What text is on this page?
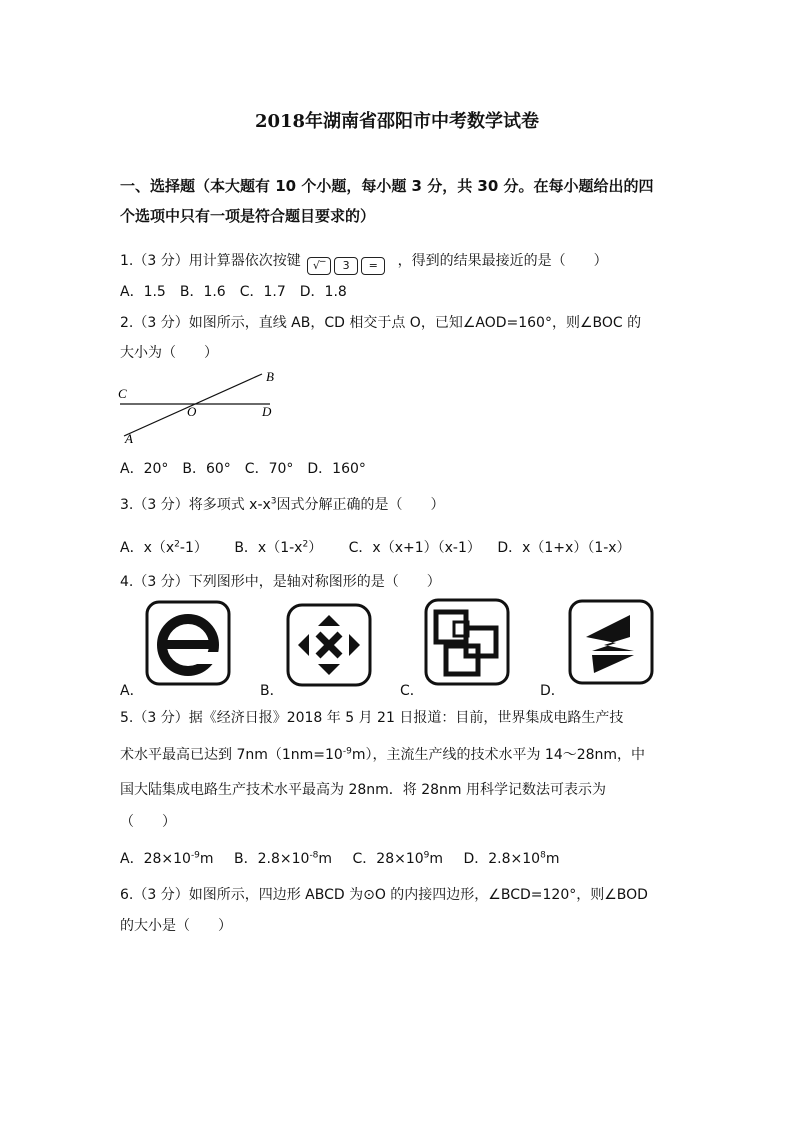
2018年湖南省邵阳市中考数学试卷
一、选择题（本大题有 10 个小题，每小题 3 分，共 30 分。在每小题给出的四
个选项中只有一项是符合题目要求的）
1.（3 分）用计算器依次按键	√‾	3	=	，得到的结果最接近的是（　　）
A．1.5　B．1.6　C．1.7　D．1.8
2.（3 分）如图所示，直线 AB，CD 相交于点 O，已知∠AOD=160°，则∠BOC 的
大小为（　　）
B
C
O	D
A
A．20°　B．60°　C．70°　D．160°
3.（3 分）将多项式 $x-x^3$因式分解正确的是（　　）
A．$x(x^2-1)$ B．$x(1-x^2)$ C．x（x+1）（x-1） D．x（1+x）（1-x）
4.（3 分）下列图形中，是轴对称图形的是（　　）
A．	B．	C．	D．
5.（3 分）据《经济日报》2018 年 5 月 21 日报道：目前，世界集成电路生产技
术水平最高已达到 $7nm(1nm=10^{-9}m)$，主流生产线的技术水平为 14～28nm，中
国大陆集成电路生产技术水平最高为 28nm．将 28nm 用科学记数法可表示为
（　　）
A．$28\times 10^{-9}m$ B．$2.8\times 10^{-8}m$ C．$28\times 10^9m$ D．$2.8\times 10^8m$
6.（3 分）如图所示，四边形 ABCD 为⊙O 的内接四边形，∠BCD=120°，则∠BOD
的大小是（　　）
